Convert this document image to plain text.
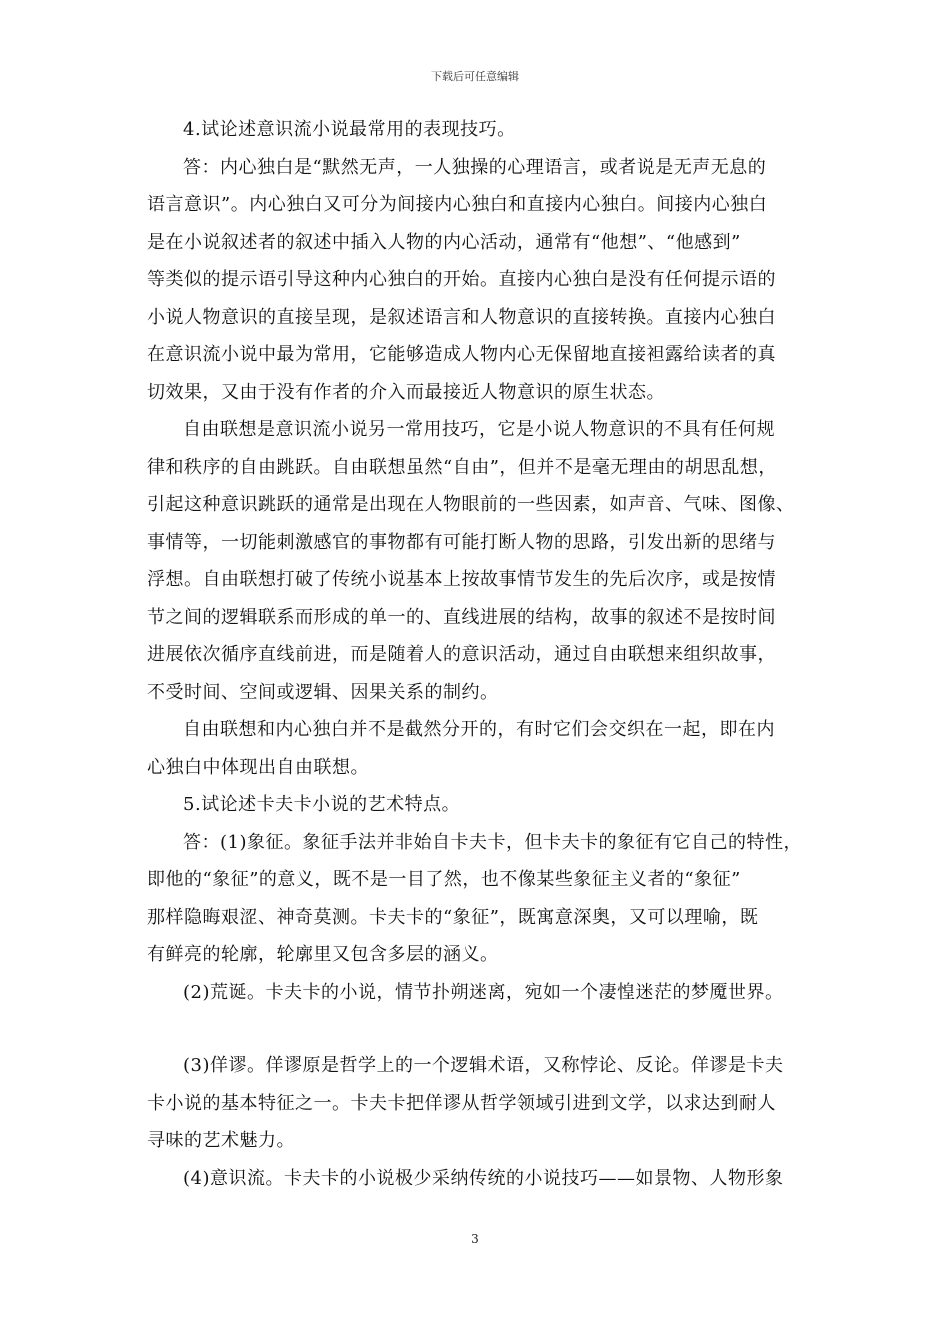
下载后可任意编辑
4.试论述意识流小说最常用的表现技巧。
答：内心独白是“默然无声，一人独操的心理语言，或者说是无声无息的
语言意识”。内心独白又可分为间接内心独白和直接内心独白。间接内心独白
是在小说叙述者的叙述中插入人物的内心活动，通常有“他想”、“他感到”
等类似的提示语引导这种内心独白的开始。直接内心独白是没有任何提示语的
小说人物意识的直接呈现，是叙述语言和人物意识的直接转换。直接内心独白
在意识流小说中最为常用，它能够造成人物内心无保留地直接袒露给读者的真
切效果，又由于没有作者的介入而最接近人物意识的原生状态。
自由联想是意识流小说另一常用技巧，它是小说人物意识的不具有任何规
律和秩序的自由跳跃。自由联想虽然“自由”，但并不是毫无理由的胡思乱想，
引起这种意识跳跃的通常是出现在人物眼前的一些因素，如声音、气味、图像、
事情等，一切能刺激感官的事物都有可能打断人物的思路，引发出新的思绪与
浮想。自由联想打破了传统小说基本上按故事情节发生的先后次序，或是按情
节之间的逻辑联系而形成的单一的、直线进展的结构，故事的叙述不是按时间
进展依次循序直线前进，而是随着人的意识活动，通过自由联想来组织故事，
不受时间、空间或逻辑、因果关系的制约。
自由联想和内心独白并不是截然分开的，有时它们会交织在一起，即在内
心独白中体现出自由联想。
5.试论述卡夫卡小说的艺术特点。
答：(1)象征。象征手法并非始自卡夫卡，但卡夫卡的象征有它自己的特性，
即他的“象征”的意义，既不是一目了然，也不像某些象征主义者的“象征”
那样隐晦艰涩、神奇莫测。卡夫卡的“象征”，既寓意深奥，又可以理喻，既
有鲜亮的轮廓，轮廓里又包含多层的涵义。
(2)荒诞。卡夫卡的小说，情节扑朔迷离，宛如一个凄惶迷茫的梦魇世界。
(3)佯谬。佯谬原是哲学上的一个逻辑术语，又称悖论、反论。佯谬是卡夫
卡小说的基本特征之一。卡夫卡把佯谬从哲学领域引进到文学，以求达到耐人
寻味的艺术魅力。
(4)意识流。卡夫卡的小说极少采纳传统的小说技巧——如景物、人物形象
3
